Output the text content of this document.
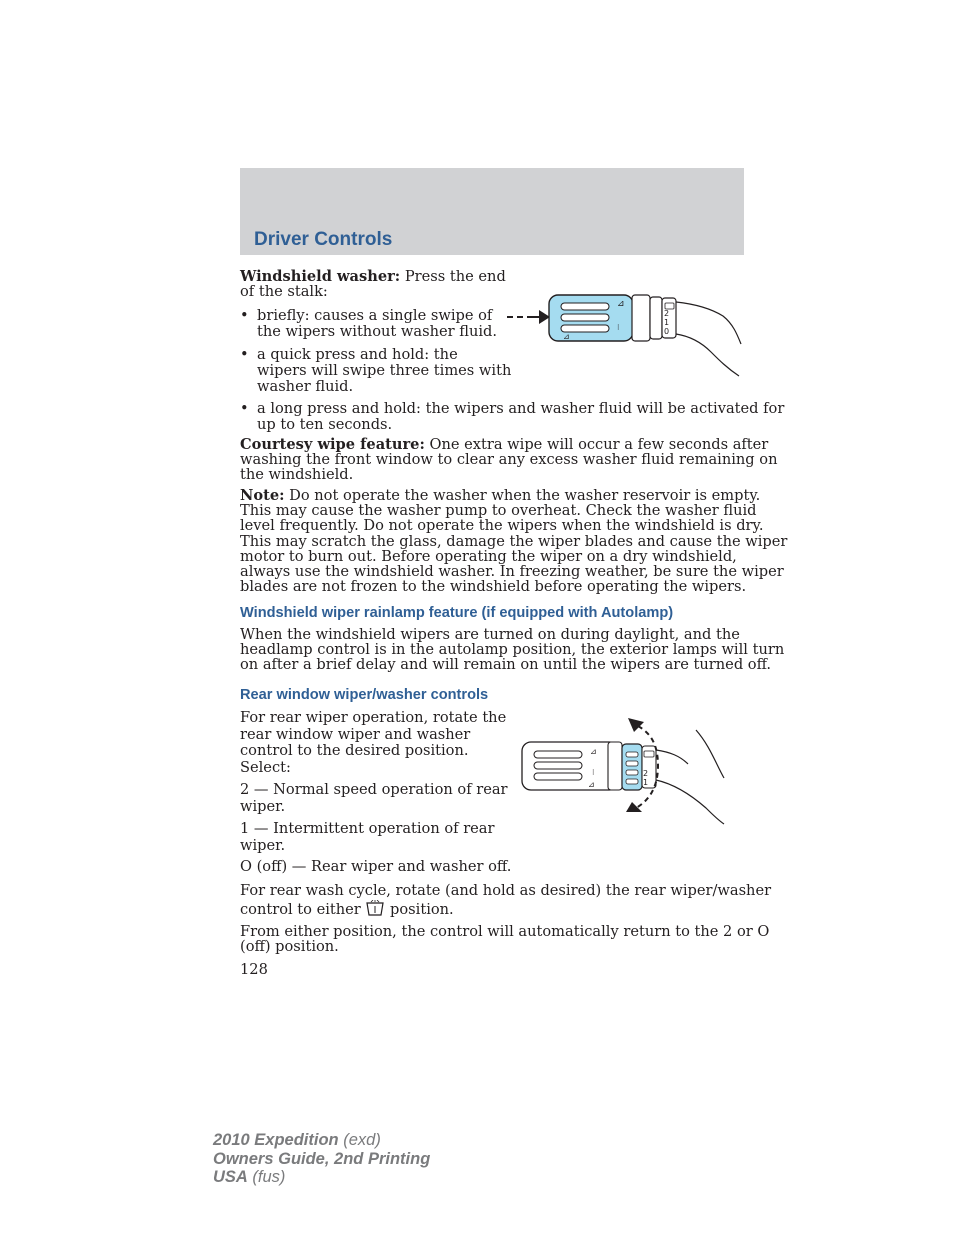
Driver Controls

Windshield washer: Press the end
of the stalk:

• briefly: causes a single swipe of
the wipers without washer fluid.
• a quick press and hold: the
wipers will swipe three times with
washer fluid.
• a long press and hold: the wipers and washer fluid will be activated for
up to ten seconds.
⊿
⊿
⁝
2
1
0

Courtesy wipe feature: One extra wipe will occur a few seconds after
washing the front window to clear any excess washer fluid remaining on
the windshield.

Note: Do not operate the washer when the washer reservoir is empty.
This may cause the washer pump to overheat. Check the washer fluid
level frequently. Do not operate the wipers when the windshield is dry.
This may scratch the glass, damage the wiper blades and cause the wiper
motor to burn out. Before operating the wiper on a dry windshield,
always use the windshield washer. In freezing weather, be sure the wiper
blades are not frozen to the windshield before operating the wipers.

Windshield wiper rainlamp feature (if equipped with Autolamp)

When the windshield wipers are turned on during daylight, and the
headlamp control is in the autolamp position, the exterior lamps will turn
on after a brief delay and will remain on until the wipers are turned off.

Rear window wiper/washer controls

For rear wiper operation, rotate the
rear window wiper and washer
control to the desired position.
Select:

2 — Normal speed operation of rear
wiper.

1 — Intermittent operation of rear
wiper.

O (off) — Rear wiper and washer off.

⊿
⁝
⊿
2
1

For rear wash cycle, rotate (and hold as desired) the rear wiper/washer
control to either  position.

From either position, the control will automatically return to the 2 or O
(off) position.

128

2010 Expedition (exd)
Owners Guide, 2nd Printing
USA (fus)
